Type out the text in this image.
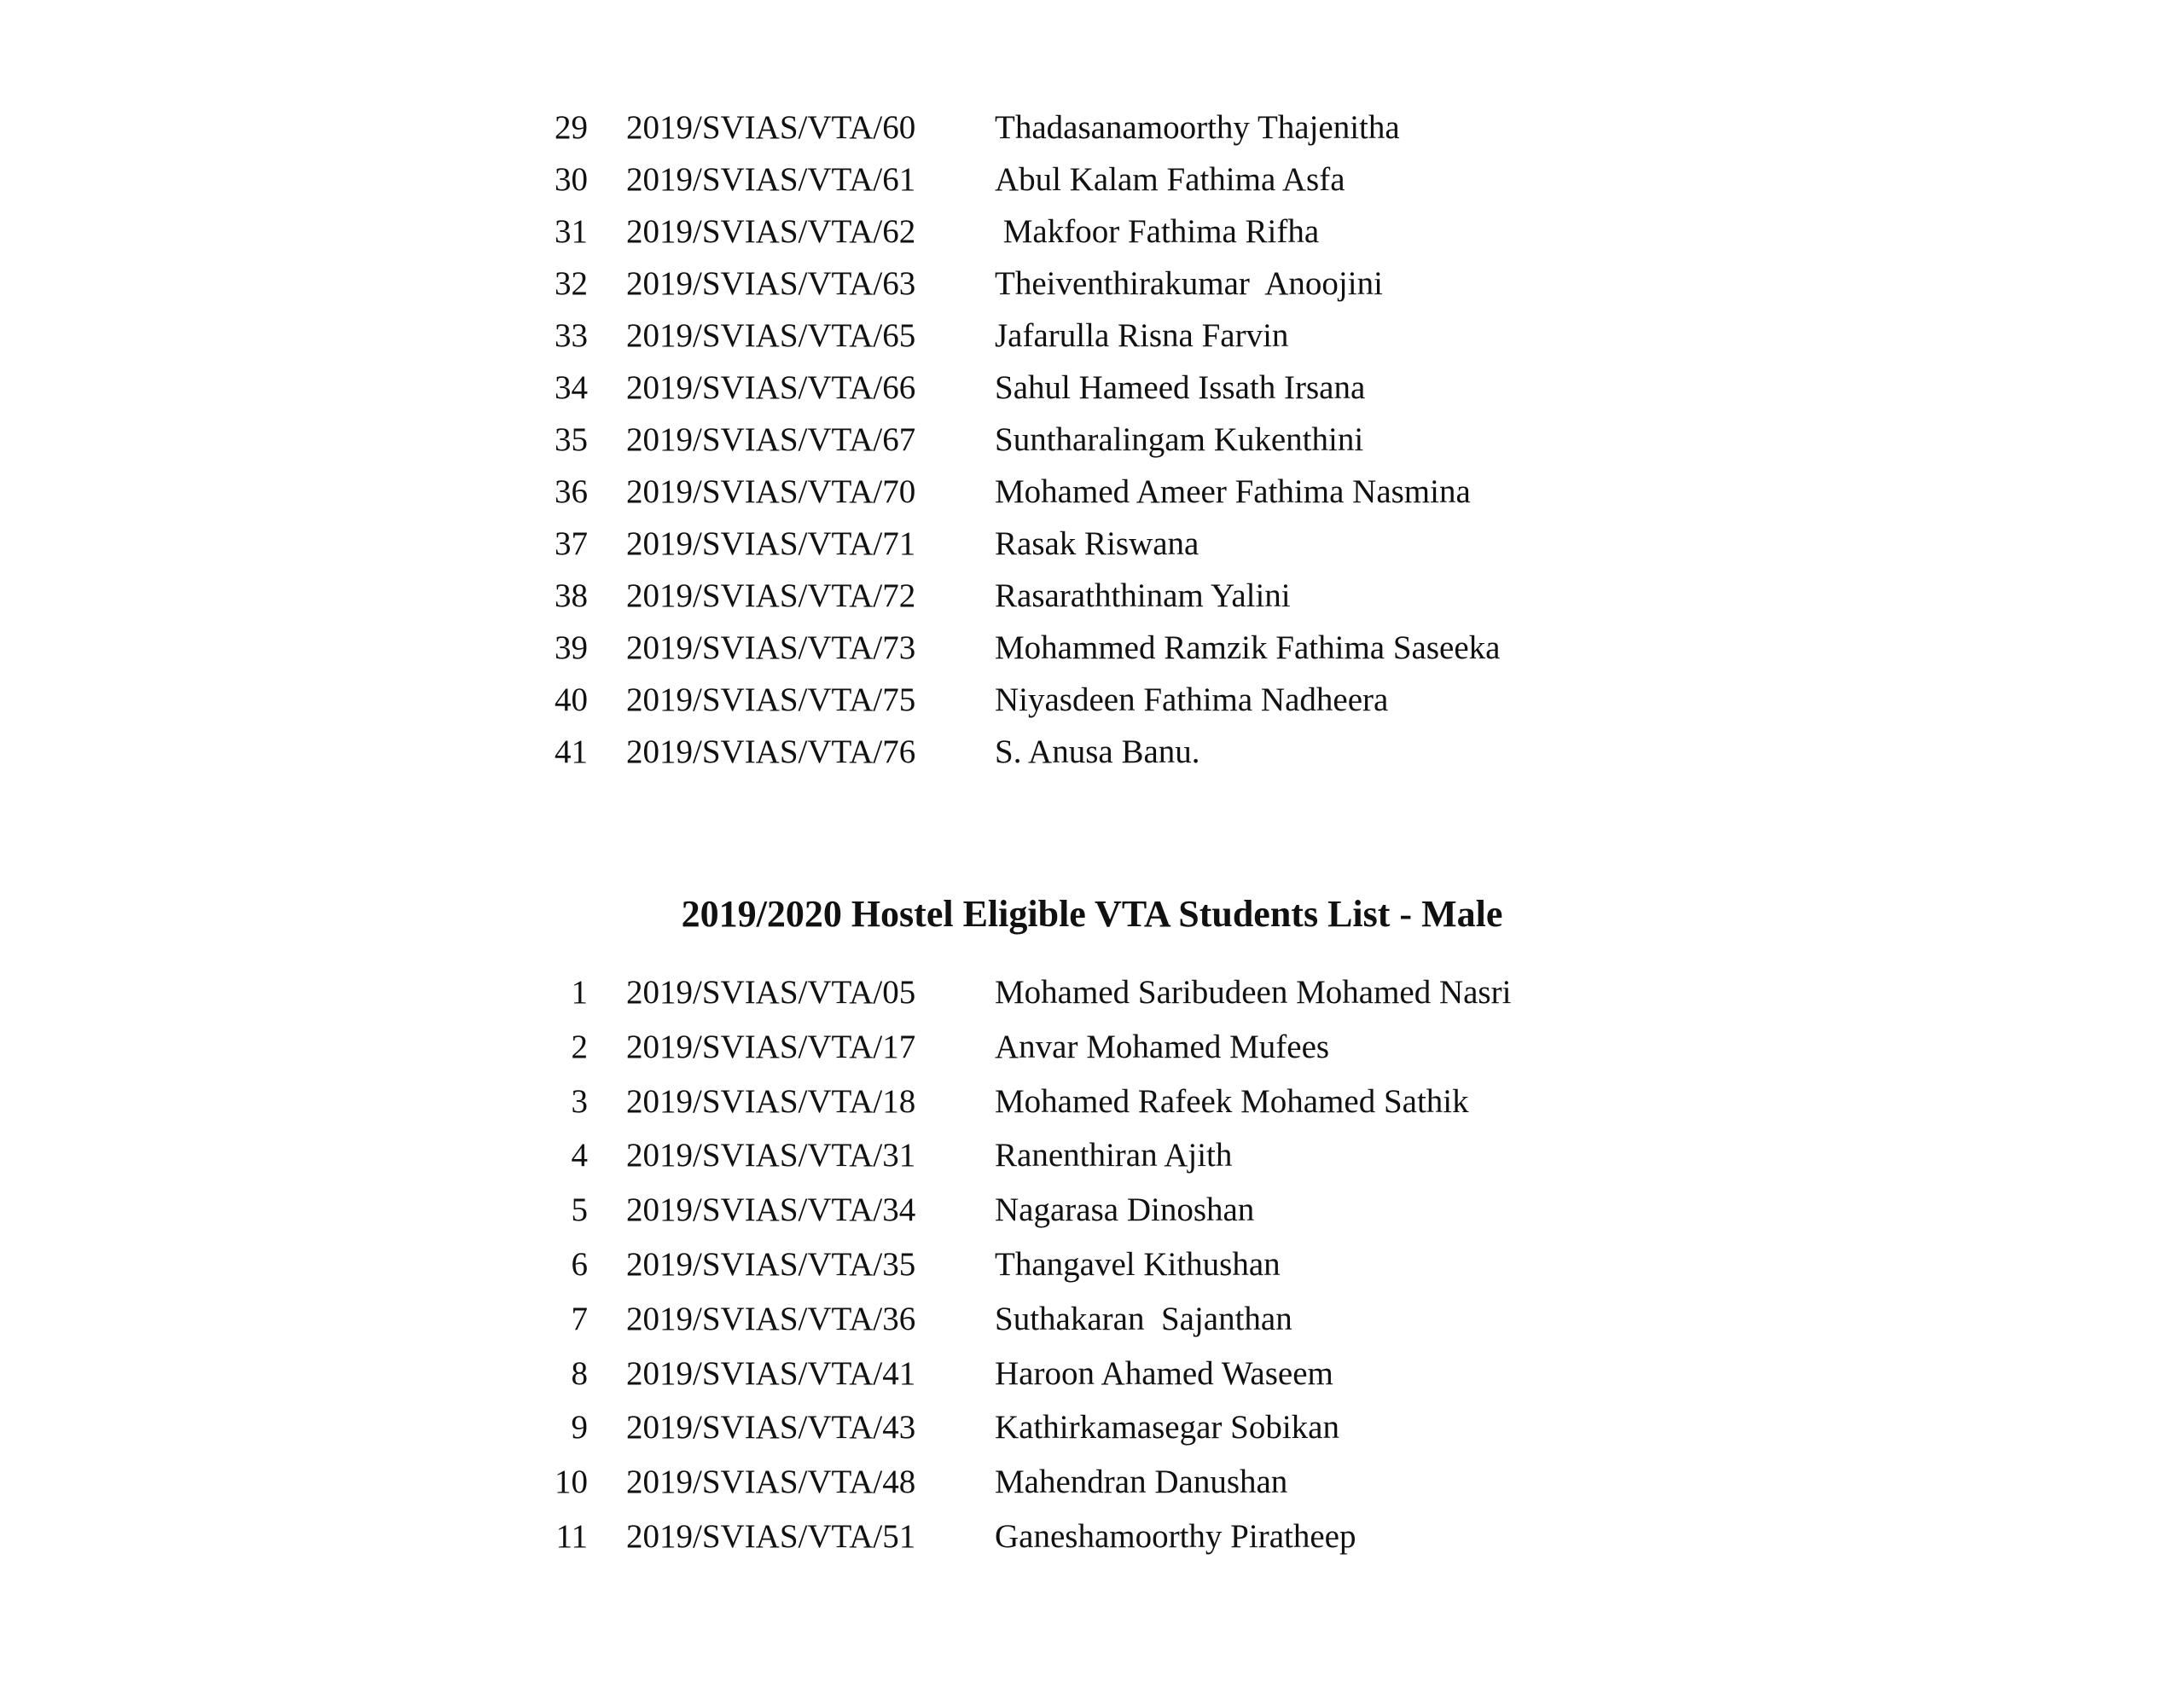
29 2019/SVIAS/VTA/60 Thadasanamoorthy Thajenitha
30 2019/SVIAS/VTA/61 Abul Kalam Fathima Asfa
31 2019/SVIAS/VTA/62 Makfoor Fathima Rifha
32 2019/SVIAS/VTA/63 Theiventhirakumar  Anoojini
33 2019/SVIAS/VTA/65 Jafarulla Risna Farvin
34 2019/SVIAS/VTA/66 Sahul Hameed Issath Irsana
35 2019/SVIAS/VTA/67 Suntharalingam Kukenthini
36 2019/SVIAS/VTA/70 Mohamed Ameer Fathima Nasmina
37 2019/SVIAS/VTA/71 Rasak Riswana
38 2019/SVIAS/VTA/72 Rasaraththinam Yalini
39 2019/SVIAS/VTA/73 Mohammed Ramzik Fathima Saseeka
40 2019/SVIAS/VTA/75 Niyasdeen Fathima Nadheera
41 2019/SVIAS/VTA/76 S. Anusa Banu.
2019/2020 Hostel Eligible VTA Students List - Male
1 2019/SVIAS/VTA/05 Mohamed Saribudeen Mohamed Nasri
2 2019/SVIAS/VTA/17 Anvar Mohamed Mufees
3 2019/SVIAS/VTA/18 Mohamed Rafeek Mohamed Sathik
4 2019/SVIAS/VTA/31 Ranenthiran Ajith
5 2019/SVIAS/VTA/34 Nagarasa Dinoshan
6 2019/SVIAS/VTA/35 Thangavel Kithushan
7 2019/SVIAS/VTA/36 Suthakaran  Sajanthan
8 2019/SVIAS/VTA/41 Haroon Ahamed Waseem
9 2019/SVIAS/VTA/43 Kathirkamasegar Sobikan
10 2019/SVIAS/VTA/48 Mahendran Danushan
11 2019/SVIAS/VTA/51 Ganeshamoorthy Piratheep
